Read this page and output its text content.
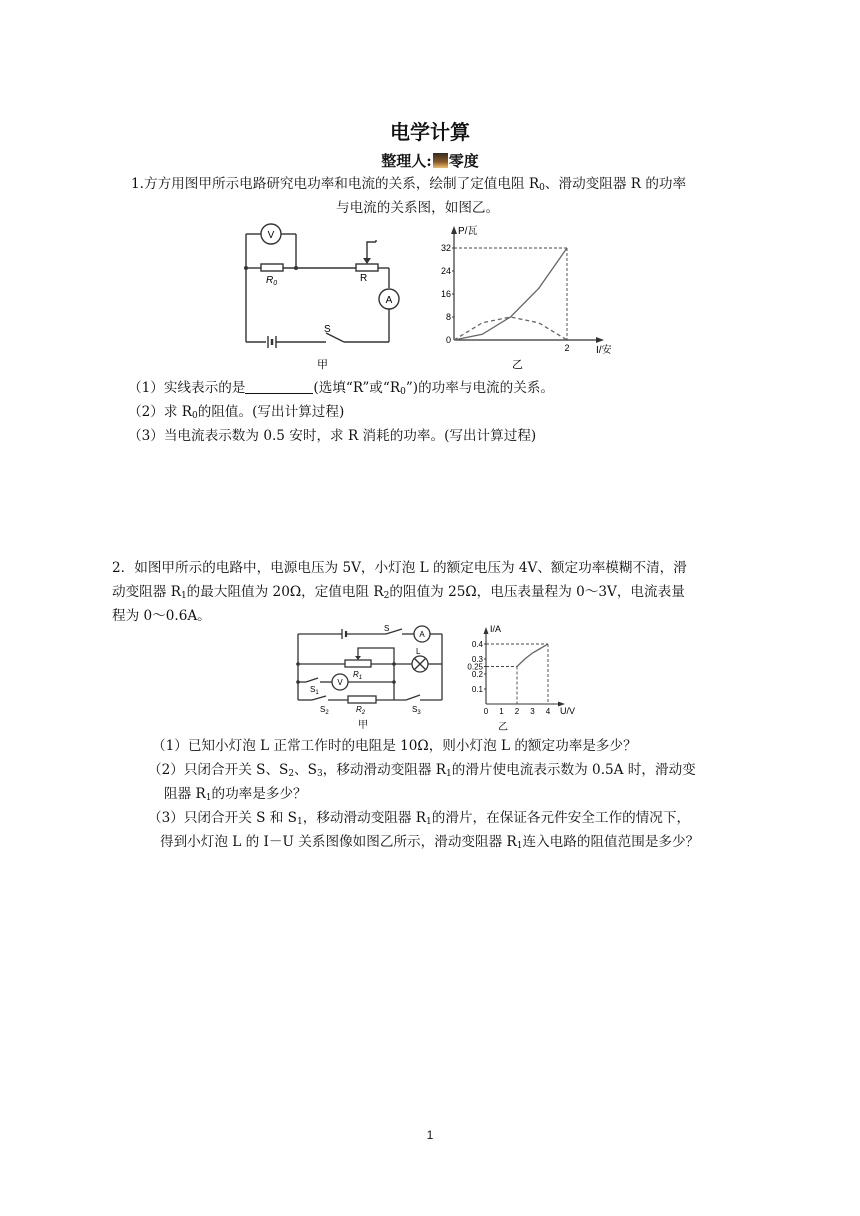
电学计算
整理人: 零度
1.方方用图甲所示电路研究电功率和电流的关系，绘制了定值电阻 $R_0$、滑动变阻器 R 的功率
与电流的关系图，如图乙。
V
A
$R_0$	R
S
甲
32
24
16
8
0
2
P/瓦
I/安
乙
（1）实线表示的是	(选填“R”或“$R_0$”)的功率与电流的关系。
（2）求 $R_0$的阻值。(写出计算过程)
（3）当电流表示数为 0.5 安时，求 R 消耗的功率。(写出计算过程)
2．如图甲所示的电路中，电源电压为 5V，小灯泡 L 的额定电压为 4V、额定功率模糊不清，滑
动变阻器 $R_1$的最大阻值为 20Ω，定值电阻 $R_2$的阻值为 25Ω，电压表量程为 0～3V，电流表量
程为 0～0.6A。
S
A
$R_1$
L
$S_1$
V
$S_2$	$R_2$	$S_3$
甲
0.4
0.3
0.25
0.2
0.1
0 1 2 3 4
I/A
U/V
乙
（1）已知小灯泡 L 正常工作时的电阻是 10Ω，则小灯泡 L 的额定功率是多少？
（2）只闭合开关 S、$S_2$、$S_3$，移动滑动变阻器 $R_1$的滑片使电流表示数为 0.5A 时，滑动变
阻器 $R_1$的功率是多少？
（3）只闭合开关 S 和 $S_1$，移动滑动变阻器 $R_1$的滑片，在保证各元件安全工作的情况下，
得到小灯泡 L 的 I－U 关系图像如图乙所示，滑动变阻器 $R_1$连入电路的阻值范围是多少？
1
